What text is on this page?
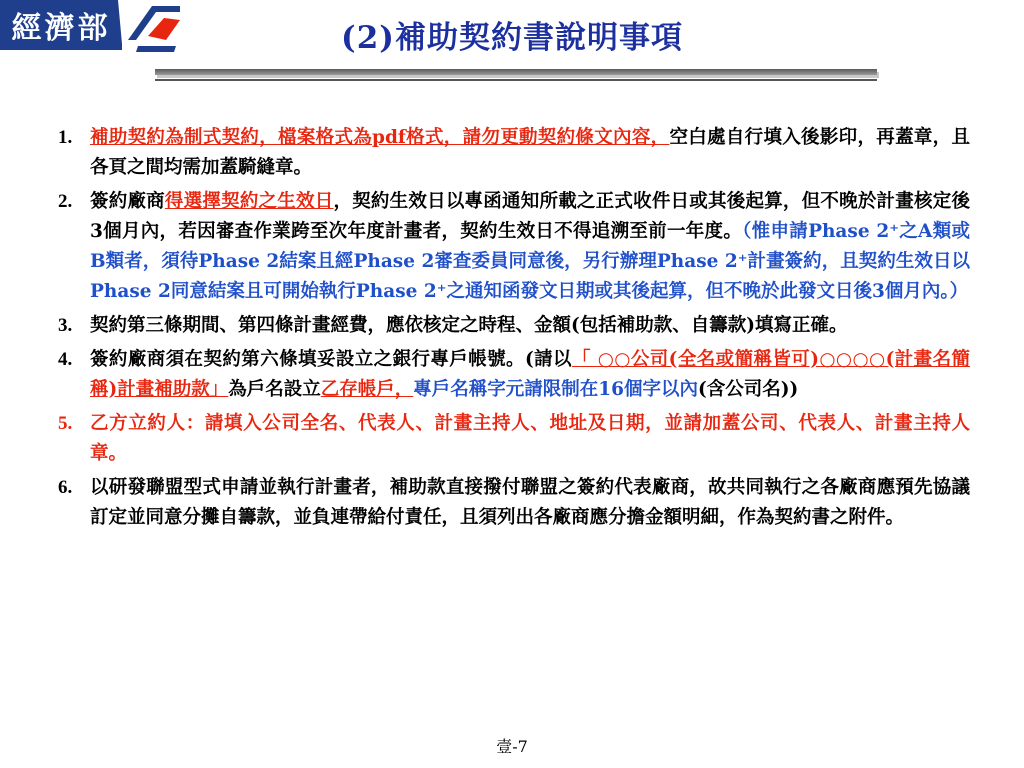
經濟部	(2)補助契約書說明事項
1. 補助契約為制式契約，檔案格式為pdf格式，請勿更動契約條文內容，空白處自行填入後影印，再蓋章，且各頁之間均需加蓋騎縫章。
2. 簽約廠商得選擇契約之生效日，契約生效日以專函通知所載之正式收件日或其後起算，但不晚於計畫核定後3個月內，若因審查作業跨至次年度計畫者，契約生效日不得追溯至前一年度。（惟申請Phase 2⁺之A類或B類者，須待Phase 2結案且經Phase 2審查委員同意後，另行辦理Phase 2⁺計畫簽約，且契約生效日以Phase 2同意結案且可開始執行Phase 2⁺之通知函發文日期或其後起算，但不晚於此發文日後3個月內。）
3. 契約第三條期間、第四條計畫經費，應依核定之時程、金額(包括補助款、自籌款)填寫正確。
4. 簽約廠商須在契約第六條填妥設立之銀行專戶帳號。(請以「 ○○公司(全名或簡稱皆可)○○○○(計畫名簡稱)計畫補助款」為戶名設立乙存帳戶，專戶名稱字元請限制在16個字以內(含公司名))
5. 乙方立約人：請填入公司全名、代表人、計畫主持人、地址及日期，並請加蓋公司、代表人、計畫主持人章。
6. 以研發聯盟型式申請並執行計畫者，補助款直接撥付聯盟之簽約代表廠商，故共同執行之各廠商應預先協議訂定並同意分攤自籌款，並負連帶給付責任，且須列出各廠商應分擔金額明細，作為契約書之附件。
壹-7
